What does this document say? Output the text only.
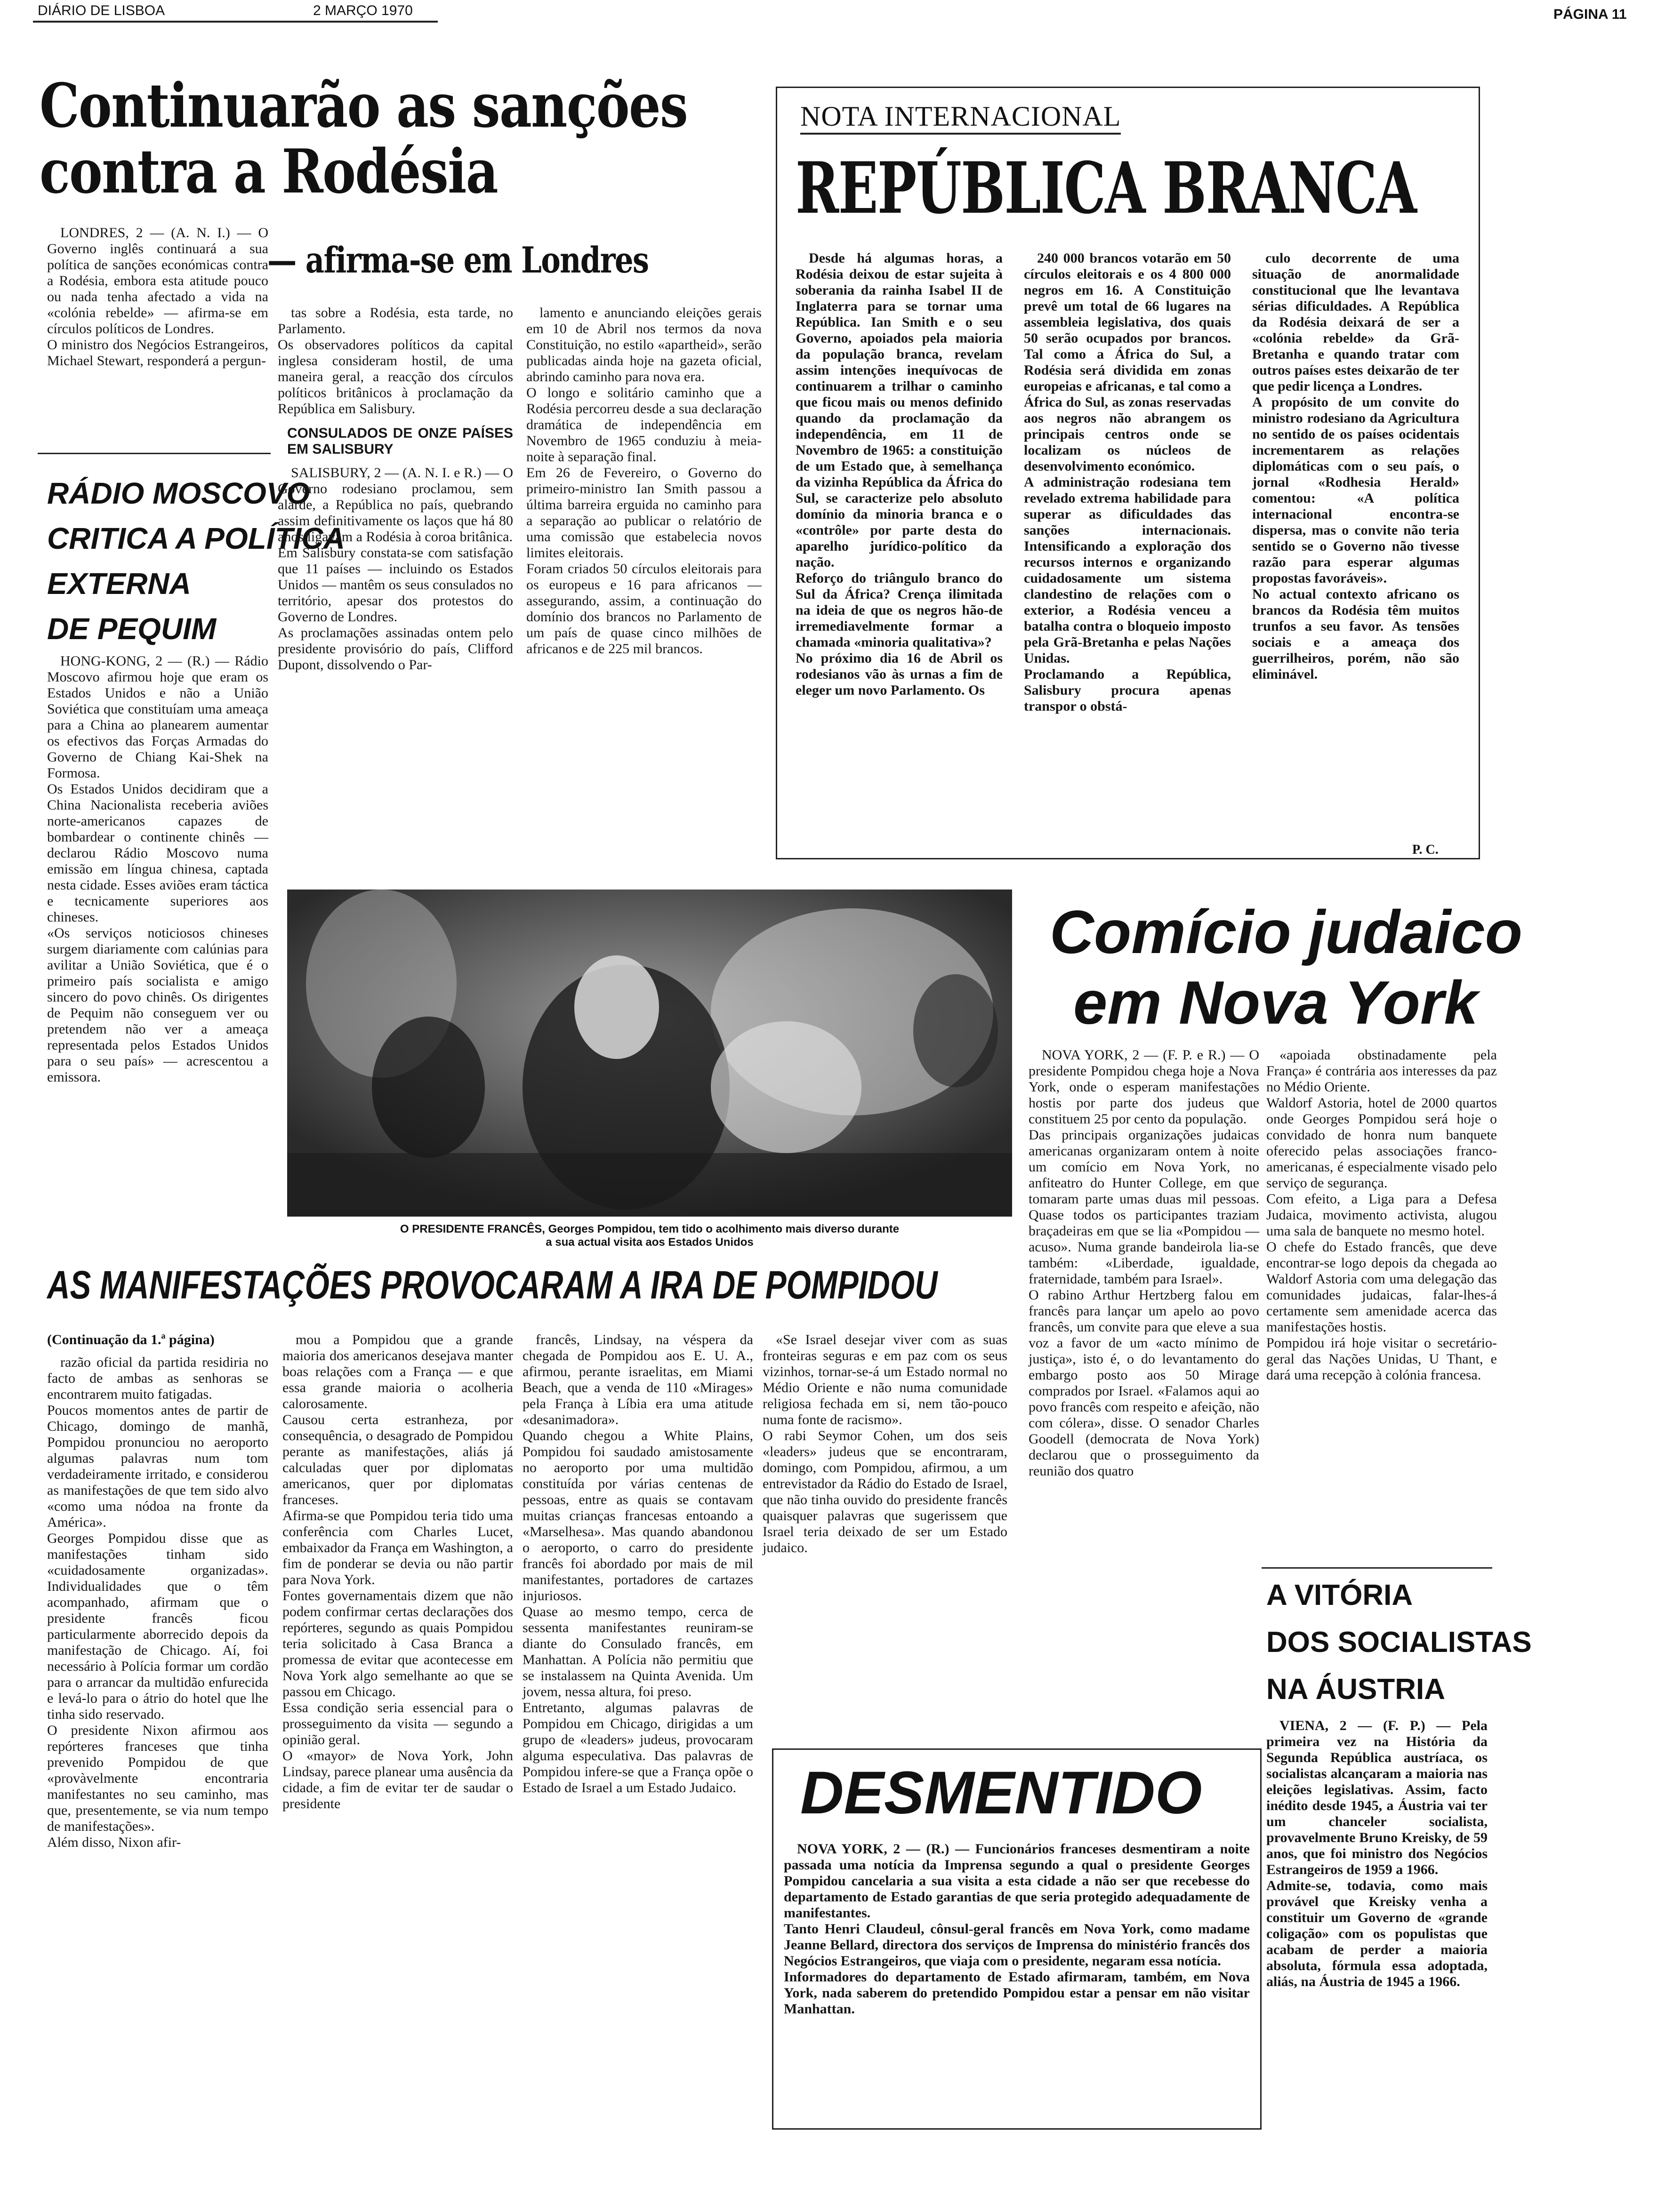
DIÁRIO DE LISBOA	2 MARÇO 1970	PÁGINA 11
Continuarão as sanções
contra a Rodésia
— afirma-se em Londres

LONDRES, 2 — (A. N. I.) — O Governo inglês continuará a sua política de sanções económicas contra a Rodésia, embora esta atitude pouco ou nada tenha afectado a vida na «colónia rebelde» — afirma-se em círculos políticos de Londres.
O ministro dos Negócios Estrangeiros, Michael Stewart, responderá a pergun-

tas sobre a Rodésia, esta tarde, no Parlamento.
Os observadores políticos da capital inglesa consideram hostil, de uma maneira geral, a reacção dos círculos políticos britânicos à proclamação da República em Salisbury.

CONSULADOS DE ONZE PAÍSES EM SALISBURY

SALISBURY, 2 — (A. N. I. e R.) — O Governo rodesiano proclamou, sem alarde, a República no país, quebrando assim definitivamente os laços que há 80 anos ligavam a Rodésia à coroa britânica.
Em Salisbury constata-se com satisfação que 11 países — incluindo os Estados Unidos — mantêm os seus consulados no território, apesar dos protestos do Governo de Londres.
As proclamações assinadas ontem pelo presidente provisório do país, Clifford Dupont, dissolvendo o Par-

lamento e anunciando eleições gerais em 10 de Abril nos termos da nova Constituição, no estilo «apartheid», serão publicadas ainda hoje na gazeta oficial, abrindo caminho para nova era.
O longo e solitário caminho que a Rodésia percorreu desde a sua declaração dramática de independência em Novembro de 1965 conduziu à meia-noite à separação final.
Em 26 de Fevereiro, o Governo do primeiro-ministro Ian Smith passou a última barreira erguida no caminho para a separação ao publicar o relatório de uma comissão que estabelecia novos limites eleitorais.
Foram criados 50 círculos eleitorais para os europeus e 16 para africanos — assegurando, assim, a continuação do domínio dos brancos no Parlamento de um país de quase cinco milhões de africanos e de 225 mil brancos.

RÁDIO MOSCOVO
CRITICA A POLÍTICA
EXTERNA
DE PEQUIM

HONG-KONG, 2 — (R.) — Rádio Moscovo afirmou hoje que eram os Estados Unidos e não a União Soviética que constituíam uma ameaça para a China ao planearem aumentar os efectivos das Forças Armadas do Governo de Chiang Kai-Shek na Formosa.
Os Estados Unidos decidiram que a China Nacionalista receberia aviões norte-americanos capazes de bombardear o continente chinês — declarou Rádio Moscovo numa emissão em língua chinesa, captada nesta cidade. Esses aviões eram táctica e tecnicamente superiores aos chineses.
«Os serviços noticiosos chineses surgem diariamente com calúnias para avilitar a União Soviética, que é o primeiro país socialista e amigo sincero do povo chinês. Os dirigentes de Pequim não conseguem ver ou pretendem não ver a ameaça representada pelos Estados Unidos para o seu país» — acrescentou a emissora.

NOTA INTERNACIONAL
REPÚBLICA BRANCA

Desde há algumas horas, a Rodésia deixou de estar sujeita à soberania da rainha Isabel II de Inglaterra para se tornar uma República. Ian Smith e o seu Governo, apoiados pela maioria da população branca, revelam assim intenções inequívocas de continuarem a trilhar o caminho que ficou mais ou menos definido quando da proclamação da independência, em 11 de Novembro de 1965: a constituição de um Estado que, à semelhança da vizinha República da África do Sul, se caracterize pelo absoluto domínio da minoria branca e o «contrôle» por parte desta do aparelho jurídico-político da nação.
Reforço do triângulo branco do Sul da África? Crença ilimitada na ideia de que os negros hão-de irremediavelmente formar a chamada «minoria qualitativa»?
No próximo dia 16 de Abril os rodesianos vão às urnas a fim de eleger um novo Parlamento. Os

240 000 brancos votarão em 50 círculos eleitorais e os 4 800 000 negros em 16. A Constituição prevê um total de 66 lugares na assembleia legislativa, dos quais 50 serão ocupados por brancos. Tal como a África do Sul, a Rodésia será dividida em zonas europeias e africanas, e tal como a África do Sul, as zonas reservadas aos negros não abrangem os principais centros onde se localizam os núcleos de desenvolvimento económico.
A administração rodesiana tem revelado extrema habilidade para superar as dificuldades das sanções internacionais. Intensificando a exploração dos recursos internos e organizando cuidadosamente um sistema clandestino de relações com o exterior, a Rodésia venceu a batalha contra o bloqueio imposto pela Grã-Bretanha e pelas Nações Unidas.
Proclamando a República, Salisbury procura apenas transpor o obstá-

culo decorrente de uma situação de anormalidade constitucional que lhe levantava sérias dificuldades. A República da Rodésia deixará de ser a «colónia rebelde» da Grã-Bretanha e quando tratar com outros países estes deixarão de ter que pedir licença a Londres.
A propósito de um convite do ministro rodesiano da Agricultura no sentido de os países ocidentais incrementarem as relações diplomáticas com o seu país, o jornal «Rodhesia Herald» comentou: «A política internacional encontra-se dispersa, mas o convite não teria sentido se o Governo não tivesse razão para esperar algumas propostas favoráveis».
No actual contexto africano os brancos da Rodésia têm muitos trunfos a seu favor. As tensões sociais e a ameaça dos guerrilheiros, porém, não são eliminável.

P. C.
O PRESIDENTE FRANCÊS, Georges Pompidou, tem tido o acolhimento mais diverso durante
a sua actual visita aos Estados Unidos
Comício judaico
em Nova York

NOVA YORK, 2 — (F. P. e R.) — O presidente Pompidou chega hoje a Nova York, onde o esperam manifestações hostis por parte dos judeus que constituem 25 por cento da população.
Das principais organizações judaicas americanas organizaram ontem à noite um comício em Nova York, no anfiteatro do Hunter College, em que tomaram parte umas duas mil pessoas. Quase todos os participantes traziam braçadeiras em que se lia «Pompidou — acuso». Numa grande bandeirola lia-se também: «Liberdade, igualdade, fraternidade, também para Israel».
O rabino Arthur Hertzberg falou em francês para lançar um apelo ao povo francês, um convite para que eleve a sua voz a favor de um «acto mínimo de justiça», isto é, o do levantamento do embargo posto aos 50 Mirage comprados por Israel. «Falamos aqui ao povo francês com respeito e afeição, não com cólera», disse. O senador Charles Goodell (democrata de Nova York) declarou que o prosseguimento da reunião dos quatro

«apoiada obstinadamente pela França» é contrária aos interesses da paz no Médio Oriente.
Waldorf Astoria, hotel de 2000 quartos onde Georges Pompidou será hoje o convidado de honra num banquete oferecido pelas associações franco-americanas, é especialmente visado pelo serviço de segurança.
Com efeito, a Liga para a Defesa Judaica, movimento activista, alugou uma sala de banquete no mesmo hotel.
O chefe do Estado francês, que deve encontrar-se logo depois da chegada ao Waldorf Astoria com uma delegação das comunidades judaicas, falar-lhes-á certamente sem amenidade acerca das manifestações hostis.
Pompidou irá hoje visitar o secretário-geral das Nações Unidas, U Thant, e dará uma recepção à colónia francesa.

A VITÓRIA
DOS SOCIALISTAS
NA ÁUSTRIA

VIENA, 2 — (F. P.) — Pela primeira vez na História da Segunda República austríaca, os socialistas alcançaram a maioria nas eleições legislativas. Assim, facto inédito desde 1945, a Áustria vai ter um chanceler socialista, provavelmente Bruno Kreisky, de 59 anos, que foi ministro dos Negócios Estrangeiros de 1959 a 1966.
Admite-se, todavia, como mais provável que Kreisky venha a constituir um Governo de «grande coligação» com os populistas que acabam de perder a maioria absoluta, fórmula essa adoptada, aliás, na Áustria de 1945 a 1966.

AS MANIFESTAÇÕES PROVOCARAM A IRA DE POMPIDOU
(Continuação da 1.ª página)

razão oficial da partida residiria no facto de ambas as senhoras se encontrarem muito fatigadas.
Poucos momentos antes de partir de Chicago, domingo de manhã, Pompidou pronunciou no aeroporto algumas palavras num tom verdadeiramente irritado, e considerou as manifestações de que tem sido alvo «como uma nódoa na fronte da América».
Georges Pompidou disse que as manifestações tinham sido «cuidadosamente organizadas». Individualidades que o têm acompanhado, afirmam que o presidente francês ficou particularmente aborrecido depois da manifestação de Chicago. Aí, foi necessário à Polícia formar um cordão para o arrancar da multidão enfurecida e levá-lo para o átrio do hotel que lhe tinha sido reservado.
O presidente Nixon afirmou aos repórteres franceses que tinha prevenido Pompidou de que «provàvelmente encontraria manifestantes no seu caminho, mas que, presentemente, se via num tempo de manifestações».
Além disso, Nixon afir-

mou a Pompidou que a grande maioria dos americanos desejava manter boas relações com a França — e que essa grande maioria o acolheria calorosamente.
Causou certa estranheza, por consequência, o desagrado de Pompidou perante as manifestações, aliás já calculadas quer por diplomatas americanos, quer por diplomatas franceses.
Afirma-se que Pompidou teria tido uma conferência com Charles Lucet, embaixador da França em Washington, a fim de ponderar se devia ou não partir para Nova York.
Fontes governamentais dizem que não podem confirmar certas declarações dos repórteres, segundo as quais Pompidou teria solicitado à Casa Branca a promessa de evitar que acontecesse em Nova York algo semelhante ao que se passou em Chicago.
Essa condição seria essencial para o prosseguimento da visita — segundo a opinião geral.
O «mayor» de Nova York, John Lindsay, parece planear uma ausência da cidade, a fim de evitar ter de saudar o presidente

francês, Lindsay, na véspera da chegada de Pompidou aos E. U. A., afirmou, perante israelitas, em Miami Beach, que a venda de 110 «Mirages» pela França à Líbia era uma atitude «desanimadora».
Quando chegou a White Plains, Pompidou foi saudado amistosamente no aeroporto por uma multidão constituída por várias centenas de pessoas, entre as quais se contavam muitas crianças francesas entoando a «Marselhesa». Mas quando abandonou o aeroporto, o carro do presidente francês foi abordado por mais de mil manifestantes, portadores de cartazes injuriosos.
Quase ao mesmo tempo, cerca de sessenta manifestantes reuniram-se diante do Consulado francês, em Manhattan. A Polícia não permitiu que se instalassem na Quinta Avenida. Um jovem, nessa altura, foi preso.
Entretanto, algumas palavras de Pompidou em Chicago, dirigidas a um grupo de «leaders» judeus, provocaram alguma especulativa. Das palavras de Pompidou infere-se que a França opõe o Estado de Israel a um Estado Judaico.

«Se Israel desejar viver com as suas fronteiras seguras e em paz com os seus vizinhos, tornar-se-á um Estado normal no Médio Oriente e não numa comunidade religiosa fechada em si, nem tão-pouco numa fonte de racismo».
O rabi Seymor Cohen, um dos seis «leaders» judeus que se encontraram, domingo, com Pompidou, afirmou, a um entrevistador da Rádio do Estado de Israel, que não tinha ouvido do presidente francês quaisquer palavras que sugerissem que Israel teria deixado de ser um Estado judaico.

DESMENTIDO

NOVA YORK, 2 — (R.) — Funcionários franceses desmentiram a noite passada uma notícia da Imprensa segundo a qual o presidente Georges Pompidou cancelaria a sua visita a esta cidade a não ser que recebesse do departamento de Estado garantias de que seria protegido adequadamente de manifestantes.
Tanto Henri Claudeul, cônsul-geral francês em Nova York, como madame Jeanne Bellard, directora dos serviços de Imprensa do ministério francês dos Negócios Estrangeiros, que viaja com o presidente, negaram essa notícia.
Informadores do departamento de Estado afirmaram, também, em Nova York, nada saberem do pretendido Pompidou estar a pensar em não visitar Manhattan.
